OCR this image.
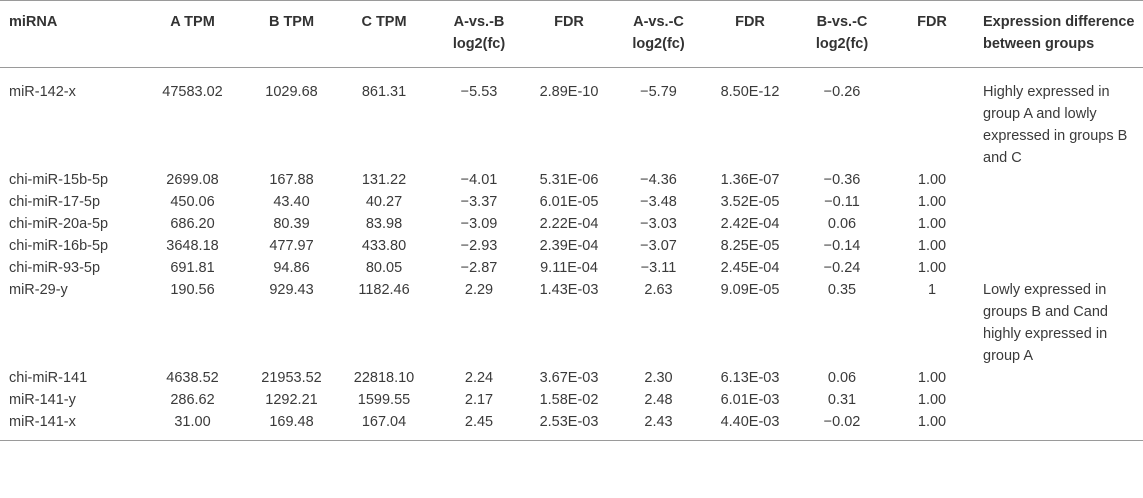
miRNA	A TPM	B TPM	C TPM	A-vs.-B log2(fc)	FDR	A-vs.-C log2(fc)	FDR	B-vs.-C log2(fc)	FDR	Expression difference between groups
miR-142-x	47583.02	1029.68	861.31	−5.53	2.89E-10	−5.79	8.50E-12	−0.26		Highly expressed in group A and lowly expressed in groups B and C
chi-miR-15b-5p	2699.08	167.88	131.22	−4.01	5.31E-06	−4.36	1.36E-07	−0.36	1.00	
chi-miR-17-5p	450.06	43.40	40.27	−3.37	6.01E-05	−3.48	3.52E-05	−0.11	1.00	
chi-miR-20a-5p	686.20	80.39	83.98	−3.09	2.22E-04	−3.03	2.42E-04	0.06	1.00	
chi-miR-16b-5p	3648.18	477.97	433.80	−2.93	2.39E-04	−3.07	8.25E-05	−0.14	1.00	
chi-miR-93-5p	691.81	94.86	80.05	−2.87	9.11E-04	−3.11	2.45E-04	−0.24	1.00	
miR-29-y	190.56	929.43	1182.46	2.29	1.43E-03	2.63	9.09E-05	0.35	1	Lowly expressed in groups B and Cand highly expressed in group A
chi-miR-141	4638.52	21953.52	22818.10	2.24	3.67E-03	2.30	6.13E-03	0.06	1.00	
miR-141-y	286.62	1292.21	1599.55	2.17	1.58E-02	2.48	6.01E-03	0.31	1.00	
miR-141-x	31.00	169.48	167.04	2.45	2.53E-03	2.43	4.40E-03	−0.02	1.00	
